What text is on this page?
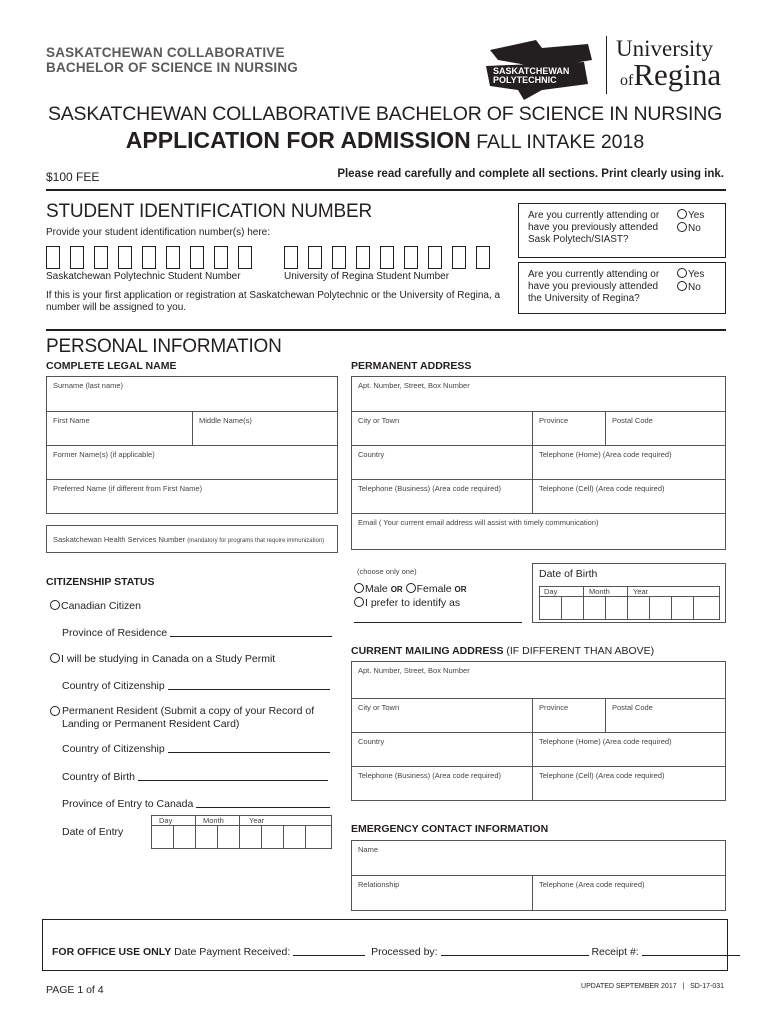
SASKATCHEWAN COLLABORATIVE
BACHELOR OF SCIENCE IN NURSING	SASKATCHEWAN
POLYTECHNIC
University
ofRegina
SASKATCHEWAN COLLABORATIVE BACHELOR OF SCIENCE IN NURSING
APPLICATION FOR ADMISSION FALL INTAKE 2018
$100 FEE	Please read carefully and complete all sections. Print clearly using ink.
STUDENT IDENTIFICATION NUMBER
Provide your student identification number(s) here:
Saskatchewan Polytechnic Student Number	University of Regina Student Number
If this is your first application or registration at Saskatchewan Polytechnic or the University of Regina, a number will be assigned to you.
Are you currently attending or have you previously attended Sask Polytech/SIAST?
Yes
No
Are you currently attending or have you previously attended the University of Regina?
Yes
No
PERSONAL INFORMATION
COMPLETE LEGAL NAME	PERMANENT ADDRESS
Surname (last name)
First Name	Middle Name(s)
Former Name(s) (if applicable)
Preferred Name (if different from First Name)
Saskatchewan Health Services Number (mandatory for programs that require immunization)
Apt. Number, Street, Box Number
City or Town	Province	Postal Code
Country	Telephone (Home) (Area code required)
Telephone (Business) (Area code required)	Telephone (Cell) (Area code required)
Email ( Your current email address will assist with timely communication)
(choose only one)
Male OR Female OR
I prefer to identify as
Date of Birth
Day	Month	Year
CITIZENSHIP STATUS
Canadian Citizen
Province of Residence
I will be studying in Canada on a Study Permit
Country of Citizenship
Permanent Resident (Submit a copy of your Record of Landing or Permanent Resident Card)
Country of Citizenship
Country of Birth
Province of Entry to Canada
Date of Entry
Day	Month	Year
CURRENT MAILING ADDRESS (IF DIFFERENT THAN ABOVE)
Apt. Number, Street, Box Number
City or Town	Province	Postal Code
Country	Telephone (Home) (Area code required)
Telephone (Business) (Area code required)	Telephone (Cell) (Area code required)
EMERGENCY CONTACT INFORMATION
Name
Relationship	Telephone (Area code required)
FOR OFFICE USE ONLY Date Payment Received:	Processed by:	Receipt #:
PAGE 1 of 4	UPDATED SEPTEMBER 2017 | SD-17-031
